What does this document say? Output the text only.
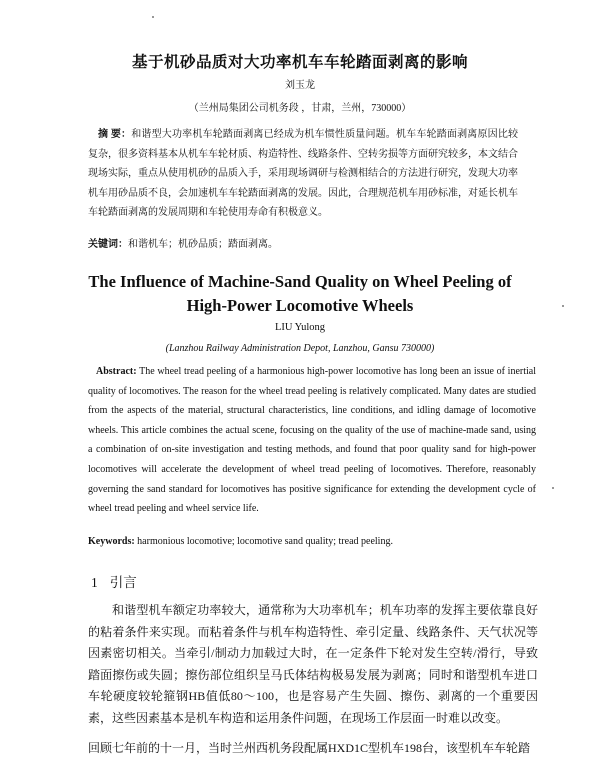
基于机砂品质对大功率机车车轮踏面剥离的影响
刘玉龙
（兰州局集团公司机务段 ，甘肃，兰州，730000）
摘 要：和谐型大功率机车轮踏面剥离已经成为机车惯性质量问题。机车车轮踏面剥离原因比较复杂，很多资料基本从机车车轮材质、构造特性、线路条件、空转劣损等方面研究较多，本文结合现场实际，重点从使用机砂的品质入手，采用现场调研与检测相结合的方法进行研究，发现大功率机车用砂品质不良，会加速机车车轮踏面剥离的发展。因此，合理规范机车用砂标准，对延长机车车轮踏面剥离的发展周期和车轮使用寿命有积极意义。
关键词：和谐机车；机砂品质；踏面剥离。
The Influence of Machine-Sand Quality on Wheel Peeling of
High-Power Locomotive Wheels
LIU Yulong
(Lanzhou Railway Administration Depot, Lanzhou, Gansu 730000)
Abstract: The wheel tread peeling of a harmonious high-power locomotive has long been an issue of inertial quality of locomotives. The reason for the wheel tread peeling is relatively complicated. Many dates are studied from the aspects of the material, structural characteristics, line conditions, and idling damage of locomotive wheels. This article combines the actual scene, focusing on the quality of the use of machine-made sand, using a combination of on-site investigation and testing methods, and found that poor quality sand for high-power locomotives will accelerate the development of wheel tread peeling of locomotives. Therefore, reasonably governing the sand standard for locomotives has positive significance for extending the development cycle of wheel tread peeling and wheel service life.
Keywords: harmonious locomotive; locomotive sand quality; tread peeling.
1 引言
和谐型机车额定功率较大，通常称为大功率机车；机车功率的发挥主要依靠良好的粘着条件来实现。而粘着条件与机车构造特性、牵引定量、线路条件、天气状况等因素密切相关。当牵引/制动力加载过大时，在一定条件下轮对发生空转/滑行，导致踏面擦伤或失圆；擦伤部位组织呈马氏体结构极易发展为剥离；同时和谐型机车进口车轮硬度较轮箍钢HB值低80～100，也是容易产生失圆、擦伤、剥离的一个重要因素，这些因素基本是机车构造和运用条件问题，在现场工作层面一时难以改变。
回顾七年前的十一月，当时兰州西机务段配属HXD1C型机车198台，该型机车车轮踏
